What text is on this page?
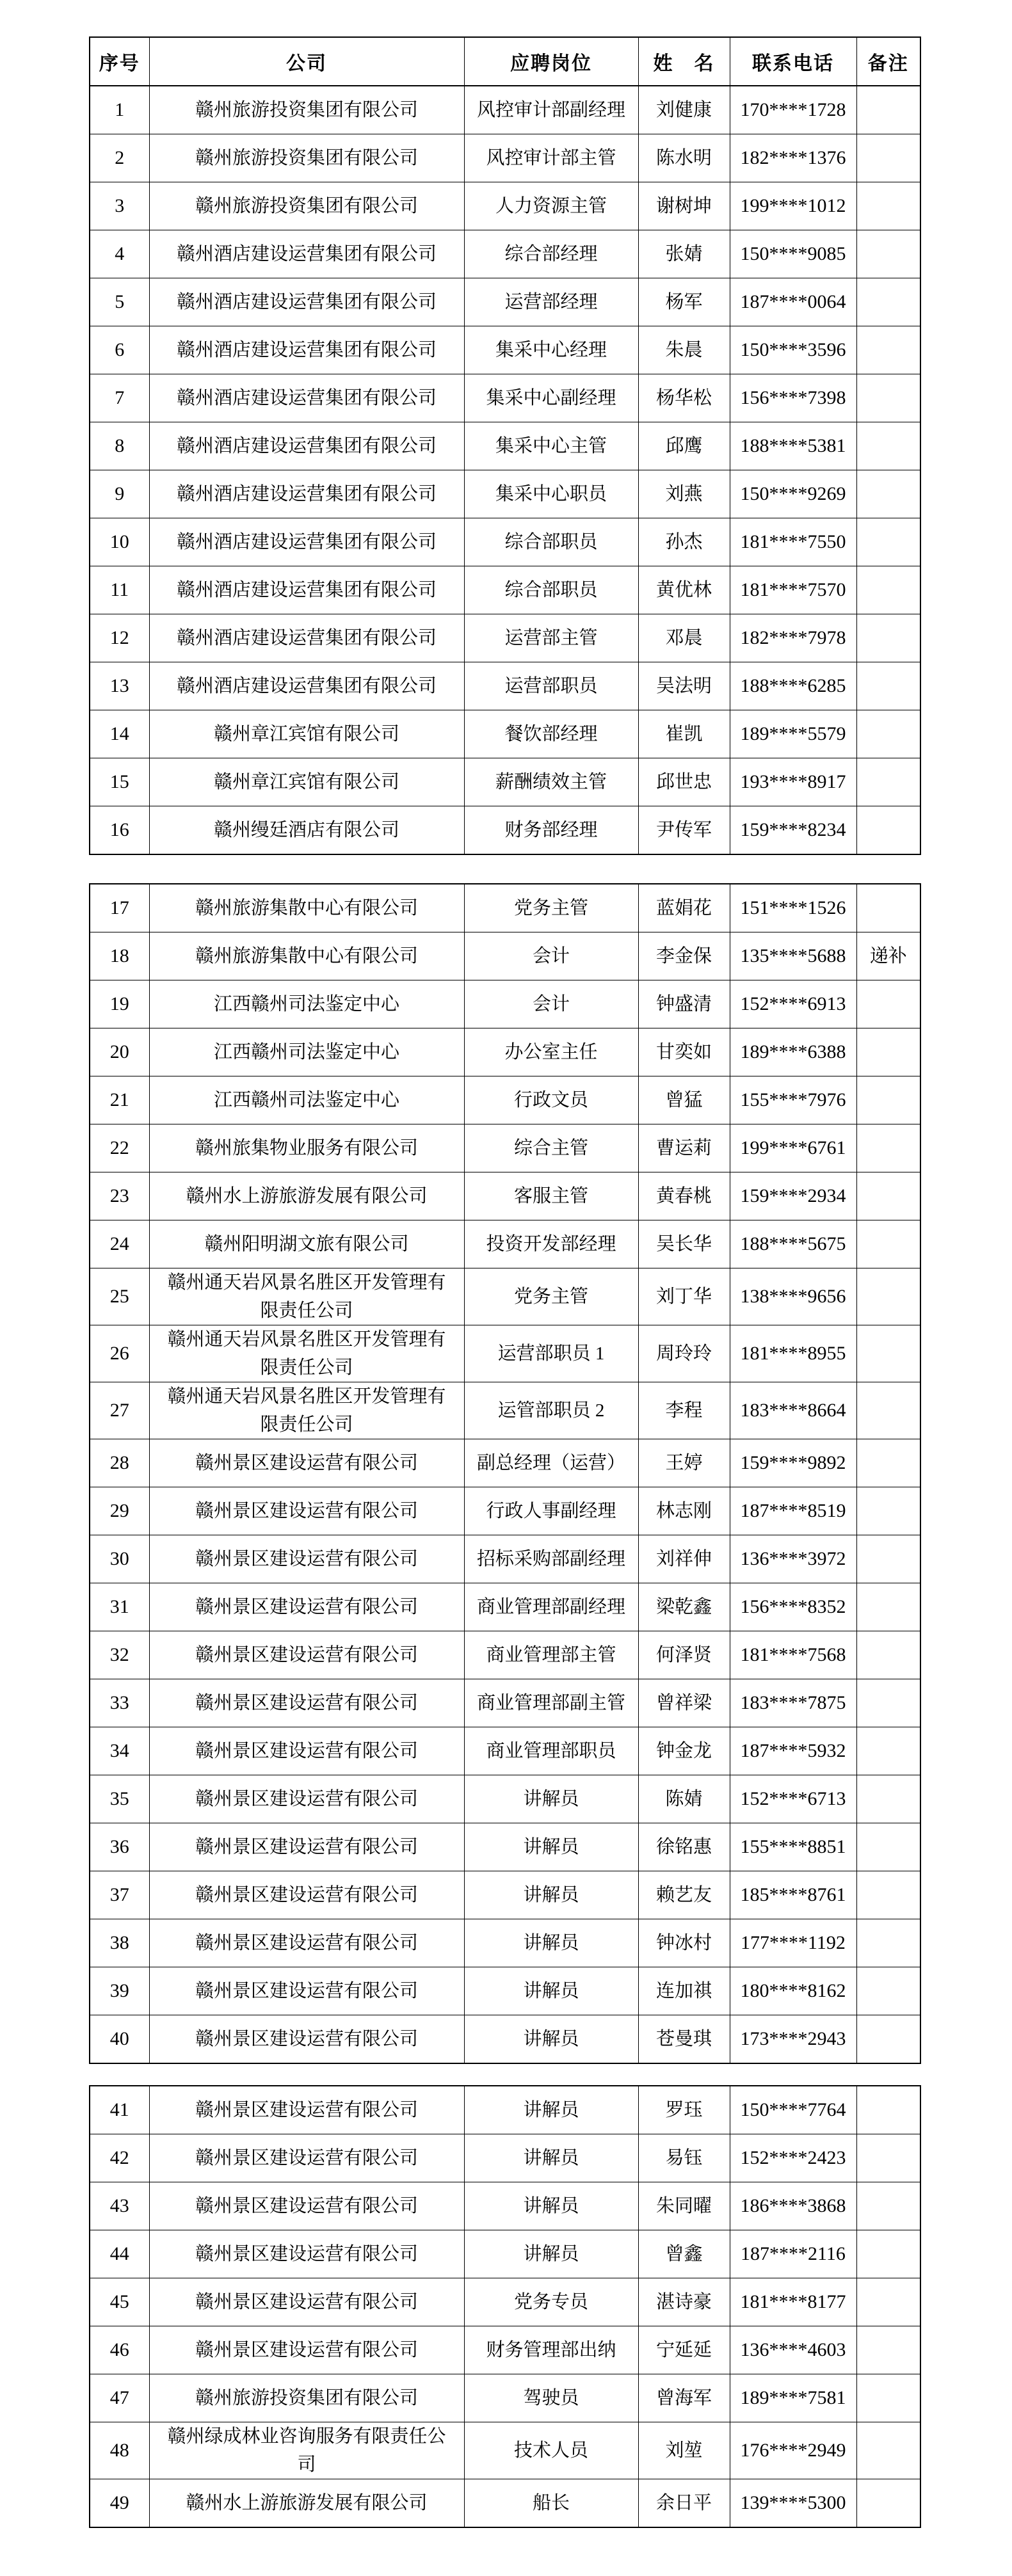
序号	公司	应聘岗位	姓　名	联系电话	备注
1	赣州旅游投资集团有限公司	风控审计部副经理	刘健康	170****1728	
2	赣州旅游投资集团有限公司	风控审计部主管	陈水明	182****1376	
3	赣州旅游投资集团有限公司	人力资源主管	谢树坤	199****1012	
4	赣州酒店建设运营集团有限公司	综合部经理	张婧	150****9085	
5	赣州酒店建设运营集团有限公司	运营部经理	杨军	187****0064	
6	赣州酒店建设运营集团有限公司	集采中心经理	朱晨	150****3596	
7	赣州酒店建设运营集团有限公司	集采中心副经理	杨华松	156****7398	
8	赣州酒店建设运营集团有限公司	集采中心主管	邱鹰	188****5381	
9	赣州酒店建设运营集团有限公司	集采中心职员	刘燕	150****9269	
10	赣州酒店建设运营集团有限公司	综合部职员	孙杰	181****7550	
11	赣州酒店建设运营集团有限公司	综合部职员	黄优林	181****7570	
12	赣州酒店建设运营集团有限公司	运营部主管	邓晨	182****7978	
13	赣州酒店建设运营集团有限公司	运营部职员	吴法明	188****6285	
14	赣州章江宾馆有限公司	餐饮部经理	崔凯	189****5579	
15	赣州章江宾馆有限公司	薪酬绩效主管	邱世忠	193****8917	
16	赣州缦廷酒店有限公司	财务部经理	尹传军	159****8234	
17	赣州旅游集散中心有限公司	党务主管	蓝娟花	151****1526	
18	赣州旅游集散中心有限公司	会计	李金保	135****5688	递补
19	江西赣州司法鉴定中心	会计	钟盛清	152****6913	
20	江西赣州司法鉴定中心	办公室主任	甘奕如	189****6388	
21	江西赣州司法鉴定中心	行政文员	曾猛	155****7976	
22	赣州旅集物业服务有限公司	综合主管	曹运莉	199****6761	
23	赣州水上游旅游发展有限公司	客服主管	黄春桃	159****2934	
24	赣州阳明湖文旅有限公司	投资开发部经理	吴长华	188****5675	
25	赣州通天岩风景名胜区开发管理有限责任公司	党务主管	刘丁华	138****9656	
26	赣州通天岩风景名胜区开发管理有限责任公司	运营部职员 1	周玲玲	181****8955	
27	赣州通天岩风景名胜区开发管理有限责任公司	运管部职员 2	李程	183****8664	
28	赣州景区建设运营有限公司	副总经理（运营）	王婷	159****9892	
29	赣州景区建设运营有限公司	行政人事副经理	林志刚	187****8519	
30	赣州景区建设运营有限公司	招标采购部副经理	刘祥伸	136****3972	
31	赣州景区建设运营有限公司	商业管理部副经理	梁乾鑫	156****8352	
32	赣州景区建设运营有限公司	商业管理部主管	何泽贤	181****7568	
33	赣州景区建设运营有限公司	商业管理部副主管	曾祥梁	183****7875	
34	赣州景区建设运营有限公司	商业管理部职员	钟金龙	187****5932	
35	赣州景区建设运营有限公司	讲解员	陈婧	152****6713	
36	赣州景区建设运营有限公司	讲解员	徐铭惠	155****8851	
37	赣州景区建设运营有限公司	讲解员	赖艺友	185****8761	
38	赣州景区建设运营有限公司	讲解员	钟冰村	177****1192	
39	赣州景区建设运营有限公司	讲解员	连加祺	180****8162	
40	赣州景区建设运营有限公司	讲解员	苍曼琪	173****2943	
41	赣州景区建设运营有限公司	讲解员	罗珏	150****7764	
42	赣州景区建设运营有限公司	讲解员	易钰	152****2423	
43	赣州景区建设运营有限公司	讲解员	朱同曜	186****3868	
44	赣州景区建设运营有限公司	讲解员	曾鑫	187****2116	
45	赣州景区建设运营有限公司	党务专员	湛诗豪	181****8177	
46	赣州景区建设运营有限公司	财务管理部出纳	宁延延	136****4603	
47	赣州旅游投资集团有限公司	驾驶员	曾海军	189****7581	
48	赣州绿成林业咨询服务有限责任公司	技术人员	刘堃	176****2949	
49	赣州水上游旅游发展有限公司	船长	余日平	139****5300	
